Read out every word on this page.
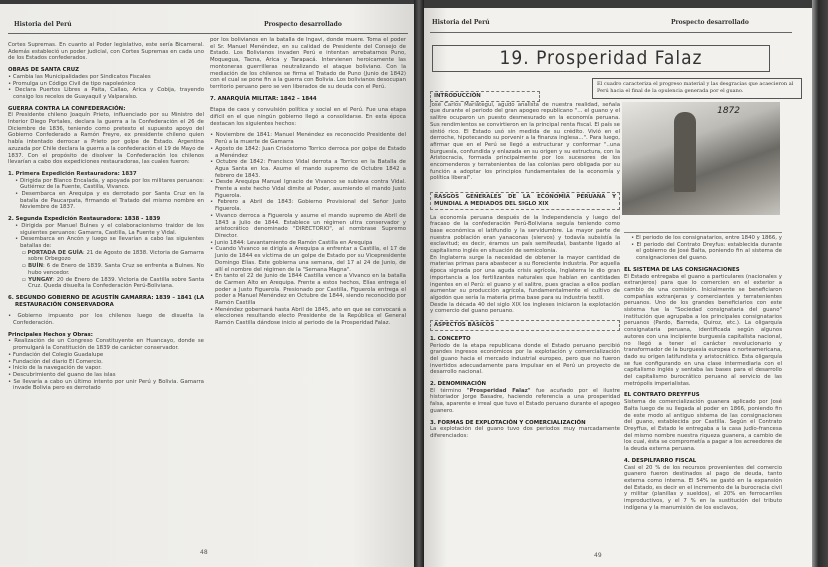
Historia del Perú	Prospecto desarrollado

Cortes Supremas. En cuanto al Poder legislativo, este sería Bicameral. Además estableció un poder judicial, con Cortes Supremas en cada uno de los Estados confederados.

OBRAS DE SANTA CRUZ

• Cambia las Municipalidades por Sindicatos Fiscales

• Promulga un Código Civil de tipo napoleónico

• Declara Puertos Libres a Paita, Callao, Arica y Cobija, trayendo consigo los recelos de Guayaquil y Valparaíso.

GUERRA CONTRA LA CONFEDERACIÓN:

El Presidente chileno Joaquín Prieto, influenciado por su Ministro del Interior Diego Portales, declara la guerra a la Confederación el 26 de Diciembre de 1836, teniendo como pretexto el supuesto apoyo del Gobierno Confederado a Ramón Freyre, ex presidente chileno quien había intentado derrocar a Prieto por golpe de Estado. Argentina azuzada por Chile declara la guerra a la confederación el 19 de Mayo de 1837. Con el propósito de disolver la Confederación los chilenos llevarían a cabo dos expediciones restauradoras, las cuales fueron:

1. Primera Expedición Restauradora: 1837

• Dirigida por Blanco Encalada, y apoyada por los militares peruanos: Gutiérrez de la Fuente, Castilla, Vivanco.

• Desembarca en Arequipa y es derrotado por Santa Cruz en la batalla de Paucarpata, firmando el Tratado del mismo nombre en Noviembre de 1837.

2. Segunda Expedición Restauradora: 1838 - 1839

• Dirigida por Manuel Bulnes y el colaboracionismo traidor de los siguientes peruanos: Gamarra, Castilla, La Fuente y Vidal.

• Desembarca en Ancón y luego se llevarían a cabo las siguientes batallas de:

▫ PORTADA DE GUÍA: 21 de Agosto de 1838. Victoria de Gamarra sobre Orbegozo

▫ BUÍN: 6 de Enero de 1839. Santa Cruz se enfrenta a Bulnes. No hubo vencedor.

▫ YUNGAY: 20 de Enero de 1839. Victoria de Castilla sobre Santa Cruz. Queda disuelta la Confederación Perú-Boliviana.

6. SEGUNDO GOBIERNO DE AGUSTÍN GAMARRA: 1839 – 1841 (LA RESTAURACIÓN CONSERVADORA

• Gobierno impuesto por los chilenos luego de disuelta la Confederación.

Principales Hechos y Obras:

• Realización de un Congreso Constituyente en Huancayo, donde se promulgará la Constitución de 1839 de carácter conservador.

• Fundación del Colegio Guadalupe

• Fundación del diario El Comercio.

• Inicio de la navegación de vapor.

• Descubrimiento del guano de las islas

• Se llevaría a cabo un último intento por unir Perú y Bolivia. Gamarra invade Bolivia pero es derrotado

por los bolivianos en la batalla de Ingavi, donde muere. Toma el poder el Sr. Manuel Menéndez, en su calidad de Presidente del Consejo de Estado. Los Bolivianos invaden Perú e intentan arrebatarnos Puno, Moquegua, Tacna, Arica y Tarapacá. Intervienen heroicamente las montoneras guerrilleras neutralizando el ataque boliviano. Con la mediación de los chilenos se firma el Tratado de Puno (Junio de 1842) con el cual se pone fin a la guerra con Bolivia. Los bolivianos desocupan territorio peruano pero se ven liberados de su deuda con el Perú.

7. ANARQUÍA MILITAR: 1842 – 1844

Etapa de caos y convulsión política y social en el Perú. Fue una etapa difícil en el que ningún gobierno llegó a consolidarse. En esta época destacan los siguientes hechos:

• Noviembre de 1841: Manuel Menéndez es reconocido Presidente del Perú a la muerte de Gamarra

• Agosto de 1842: Juan Crisóstomo Torrico derroca por golpe de Estado a Menéndez

• Octubre de 1842: Francisco Vidal derrota a Torrico en la Batalla de Agua Santa en Ica. Asume el mando supremo de Octubre 1842 a febrero de 1843.

• Desde Arequipa Manuel Ignacio de Vivanco se subleva contra Vidal. Frente a este hecho Vidal dimite al Poder, asumiendo el mando Justo Figuerola.

• Febrero a Abril de 1843: Gobierno Provisional del Señor Justo Figuerola.

• Vivanco derroca a Figuerola y asume el mando supremo de Abril de 1843 a Julio de 1844. Establece un régimen ultra conservador y aristocrático denominado "DIRECTORIO", al nombrase Supremo Director.

• Junio 1844: Levantamiento de Ramón Castilla en Arequipa

• Cuando Vivanco se dirigía a Arequipa a enfrentar a Castilla, el 17 de Junio de 1844 es víctima de un golpe de Estado por su Vicepresidente Domingo Elías. Este gobierna una semana, del 17 al 24 de Junio, de allí el nombre del régimen de la "Semana Magna".

• En tanto el 22 de Junio de 1844 Castilla vence a Vivanco en la batalla de Carmen Alto en Arequipa. Frente a estos hechos, Elías entrega el poder a Justo Figuerola. Presionado por Castilla, Figuerola entrega el poder a Manuel Menéndez en Octubre de 1844, siendo reconocido por Ramón Castilla

• Menéndez gobernará hasta Abril de 1845, año en que se convocará a elecciones resultando electo Presidente de la República el General Ramón Castilla dándose inicio al periodo de la Prosperidad Falaz.

48
Historia del Perú	Prospecto desarrollado
19. Prosperidad Falaz
El cuadro caracteriza el progreso material y las desgracias que acaecieron al Perú hacia el final de la opulencia generada por el guano.

INTRODUCCIÓN

José Carlos Mariátegui, agudo analista de nuestra realidad, señala que durante el periodo del gran apogeo republicano "... el guano y el salitre ocuparon un puesto desmesurado en la economía peruana. Sus rendimientos se convirtieron en la principal renta fiscal. El país se sintió rico. El Estado usó sin medida de su crédito. Vivió en el derroche, hipotecando su porvenir a la finanza inglesa...". Para luego, afirmar que en el Perú se llegó a estructurar y conformar "..una burguesía, confundida y enlazada en su origen y su estructura, con la Aristocracia, formada principalmente por los sucesores de los encomenderos y terratenientes de las colonias pero obligada por su función a adoptar los principios fundamentales de la economía y política liberal".

RASGOS GENERALES DE LA ECONOMÍA PERUANA Y MUNDIAL A MEDIADOS DEL SIGLO XIX

La economía peruana después de la Independencia y luego del fracaso de la confederación Perú-Boliviana seguía teniendo como base económica el latifundio y la servidumbre. La mayor parte de nuestra población eran yanaconas (siervos) y todavía subsistía la esclavitud; es decir, éramos un país semifeudal, bastante ligado al capitalismo inglés en situación de semicolonia.

En Inglaterra surge la necesidad de obtener la mayor cantidad de materias primas para abastecer a su floreciente industria. Por aquella época signada por una aguda crisis agrícola, Inglaterra le dio gran importancia a los fertilizantes naturales que habían en cantidades ingentes en el Perú: el guano y el salitre, pues gracias a ellos podían aumentar su producción agrícola, fundamentalmente el cultivo de algodón que sería la materia prima base para su industria textil.

Desde la década 40 del siglo XIX los ingleses iniciaron la explotación y comercio del guano peruano.

ASPECTOS BÁSICOS

1. CONCEPTO

Periodo de la etapa republicana donde el Estado peruano percibió grandes ingresos económicos por la explotación y comercialización del guano hacia el mercado industrial europeo, pero que no fueron invertidos adecuadamente para impulsar en el Perú un proyecto de desarrollo nacional.

2. DENOMINACIÓN

El término "Prosperidad Falaz" fue acuñado por el ilustre historiador Jorge Basadre, haciendo referencia a una prosperidad falsa, aparente e irreal que tuvo el Estado peruano durante el apogeo guanero.

3. FORMAS DE EXPLOTACIÓN Y COMERCIALIZACIÓN

La explotación del guano tuvo dos periodos muy marcadamente diferenciados:

1872

• El periodo de los consignatarios, entre 1840 y 1866, y

• El periodo del Contrato Dreyfus: establecida durante el gobierno de José Balta, poniendo fin al sistema de consignaciones del guano.

EL SISTEMA DE LAS CONSIGNACIONES

El Estado entregaba el guano a particulares (nacionales y extranjeros) para que lo comercien en el exterior a cambio de una comisión. Inicialmente se beneficiaron compañías extranjeras y comerciantes y terratenientes peruanos. Uno de los grandes beneficiarios con este sistema fue la "Sociedad consignataria del guano" institución que agrupaba a los principales consignatarios peruanos (Pardo, Barreda, Quiroz, etc.). La oligarquía consignataria peruana, identificada según algunos autores con una incipiente burguesía capitalista nacional, no llegó a tener el carácter revolucionario y transformador de la burguesía europea o norteamericana, dado su origen latifundista y aristocrático. Esta oligarquía se fue configurando en una clase intermediaria con el capitalismo inglés y sentaba las bases para el desarrollo del capitalismo burocrático peruano al servicio de las metrópolis imperialistas.

EL CONTRATO DREYFFUS

Sistema de comercialización guanera aplicado por José Balta luego de su llegada al poder en 1866, poniendo fin de este modo al antiguo sistema de las consignaciones del guano, establecida por Castilla. Según el Contrato Dreyffus, el Estado le entregaba a la casa judío-francesa del mismo nombre nuestra riqueza guanera, a cambio de los cual, ésta se comprometía a pagar a los acreedores de la deuda externa peruana.

4. DESPILFARRO FISCAL

Casi el 20 % de los recursos provenientes del comercio guanero fueron destinados al pago de deuda, tanto externa como interna. El 54% se gastó en la expansión del Estado, es decir en el incremento de la burocracia civil y militar (planillas y sueldos), el 20% en ferrocarriles improductivos, y el 7 % en la sustitución del tributo indígena y la manumisión de los esclavos,

49
